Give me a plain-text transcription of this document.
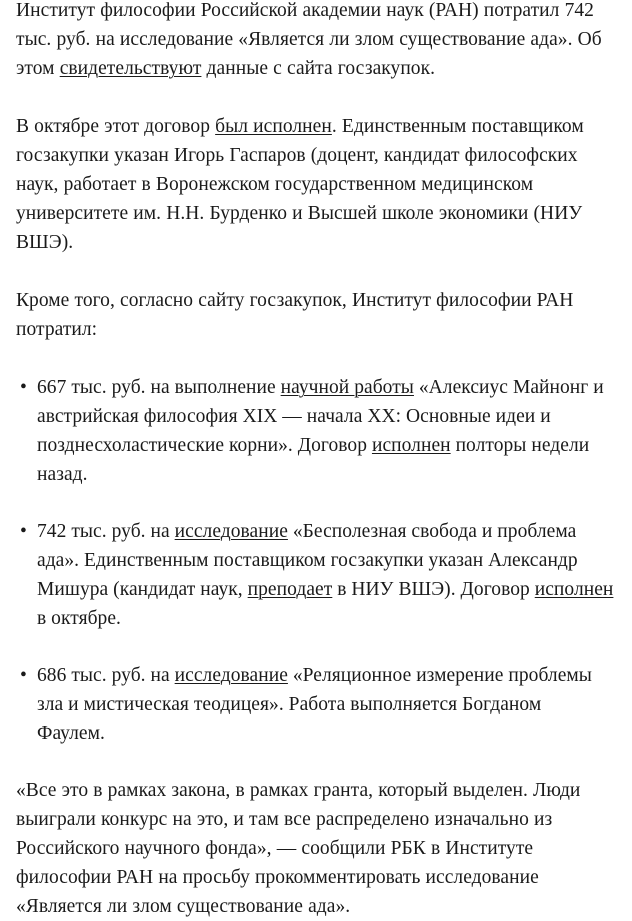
Институт философии Российской академии наук (РАН) потратил 742 тыс. руб. на исследование «Является ли злом существование ада». Об этом свидетельствуют данные с сайта госзакупок.

В октябре этот договор был исполнен. Единственным поставщиком госзакупки указан Игорь Гаспаров (доцент, кандидат философских наук, работает в Воронежском государственном медицинском университете им. Н.Н. Бурденко и Высшей школе экономики (НИУ ВШЭ).

Кроме того, согласно сайту госзакупок, Институт философии РАН потратил:

• 667 тыс. руб. на выполнение научной работы «Алексиус Майнонг и австрийская философия XIX — начала XX: Основные идеи и позднесхоластические корни». Договор исполнен полторы недели назад.
• 742 тыс. руб. на исследование «Бесполезная свобода и проблема ада». Единственным поставщиком госзакупки указан Александр Мишура (кандидат наук, преподает в НИУ ВШЭ). Договор исполнен в октябре.
• 686 тыс. руб. на исследование «Реляционное измерение проблемы зла и мистическая теодицея». Работа выполняется Богданом Фаулем.

«Все это в рамках закона, в рамках гранта, который выделен. Люди выиграли конкурс на это, и там все распределено изначально из Российского научного фонда», — сообщили РБК в Институте философии РАН на просьбу прокомментировать исследование «Является ли злом существование ада».
